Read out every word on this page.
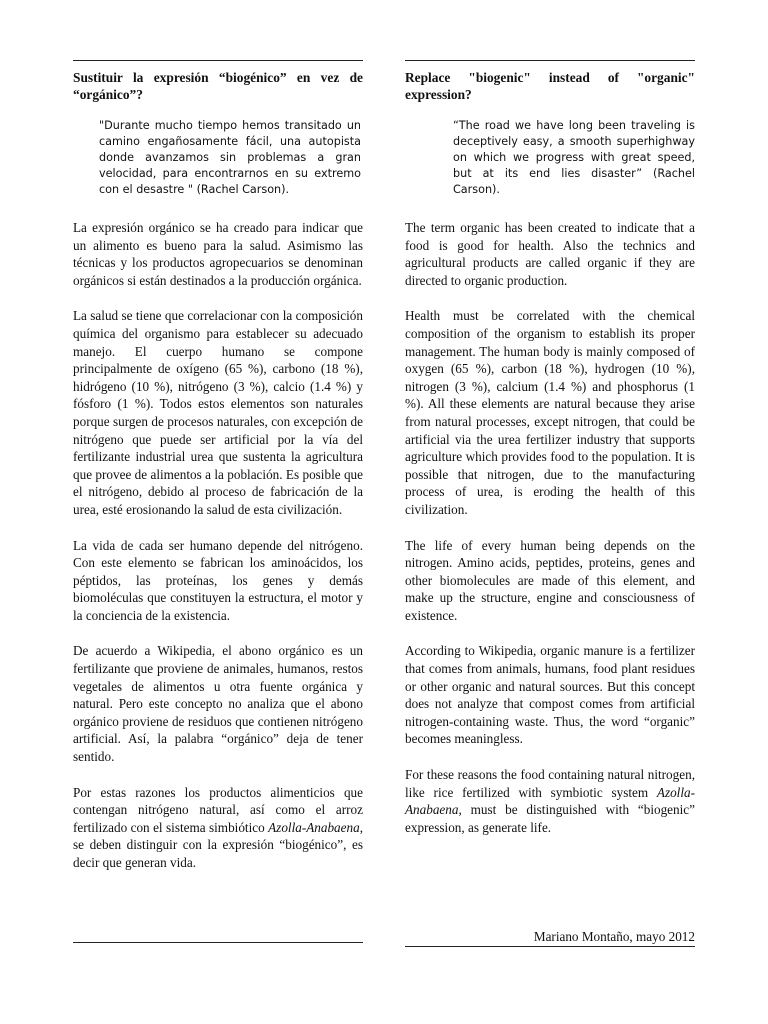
Sustituir la expresión “biogénico” en vez de “orgánico”?
"Durante mucho tiempo hemos transitado un camino engañosamente fácil, una autopista donde avanzamos sin problemas a gran velocidad, para encontrarnos en su extremo con el desastre " (Rachel Carson).

La expresión orgánico se ha creado para indicar que un alimento es bueno para la salud. Asimismo las técnicas y los productos agropecuarios se denominan orgánicos si están destinados a la producción orgánica.

La salud se tiene que correlacionar con la composición química del organismo para establecer su adecuado manejo. El cuerpo humano se compone principalmente de oxígeno (65 %), carbono (18 %), hidrógeno (10 %), nitrógeno (3 %), calcio (1.4 %) y fósforo (1 %). Todos estos elementos son naturales porque surgen de procesos naturales, con excepción de nitrógeno que puede ser artificial por la vía del fertilizante industrial urea que sustenta la agricultura que provee de alimentos a la población. Es posible que el nitrógeno, debido al proceso de fabricación de la urea, esté erosionando la salud de esta civilización.

La vida de cada ser humano depende del nitrógeno. Con este elemento se fabrican los aminoácidos, los péptidos, las proteínas, los genes y demás biomoléculas que constituyen la estructura, el motor y la conciencia de la existencia.

De acuerdo a Wikipedia, el abono orgánico es un fertilizante que proviene de animales, humanos, restos vegetales de alimentos u otra fuente orgánica y natural. Pero este concepto no analiza que el abono orgánico proviene de residuos que contienen nitrógeno artificial. Así, la palabra “orgánico” deja de tener sentido.

Por estas razones los productos alimenticios que contengan nitrógeno natural, así como el arroz fertilizado con el sistema simbiótico Azolla-Anabaena, se deben distinguir con la expresión “biogénico”, es decir que generan vida.

Replace "biogenic" instead of "organic" expression?
“The road we have long been traveling is deceptively easy, a smooth superhighway on which we progress with great speed, but at its end lies disaster” (Rachel Carson).

The term organic has been created to indicate that a food is good for health. Also the technics and agricultural products are called organic if they are directed to organic production.

Health must be correlated with the chemical composition of the organism to establish its proper management. The human body is mainly composed of oxygen (65 %), carbon (18 %), hydrogen (10 %), nitrogen (3 %), calcium (1.4 %) and phosphorus (1 %). All these elements are natural because they arise from natural processes, except nitrogen, that could be artificial via the urea fertilizer industry that supports agriculture which provides food to the population. It is possible that nitrogen, due to the manufacturing process of urea, is eroding the health of this civilization.

The life of every human being depends on the nitrogen. Amino acids, peptides, proteins, genes and other biomolecules are made of this element, and make up the structure, engine and consciousness of existence.

According to Wikipedia, organic manure is a fertilizer that comes from animals, humans, food plant residues or other organic and natural sources. But this concept does not analyze that compost comes from artificial nitrogen-containing waste. Thus, the word “organic” becomes meaningless.

For these reasons the food containing natural nitrogen, like rice fertilized with symbiotic system Azolla-Anabaena, must be distinguished with “biogenic” expression, as generate life.

Mariano Montaño, mayo 2012
